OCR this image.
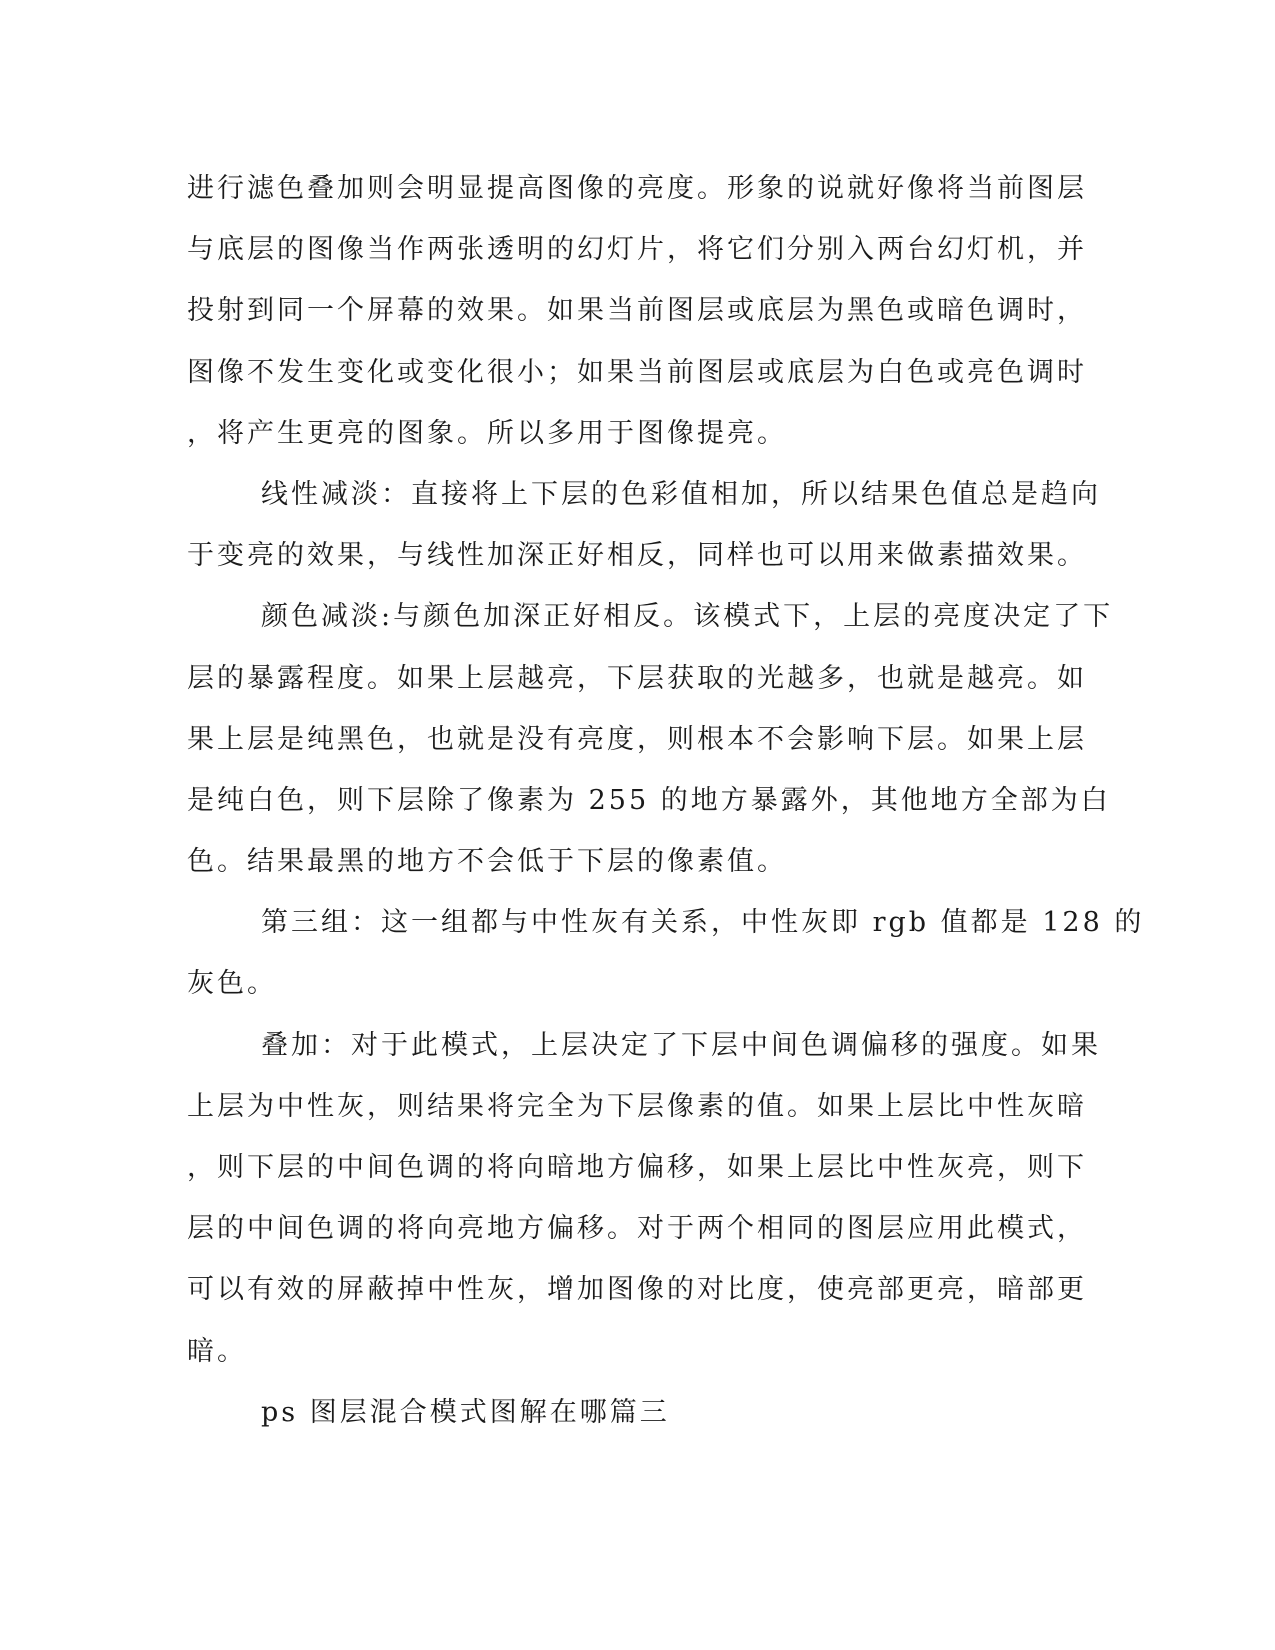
进行滤色叠加则会明显提高图像的亮度。形象的说就好像将当前图层
与底层的图像当作两张透明的幻灯片，将它们分别入两台幻灯机，并
投射到同一个屏幕的效果。如果当前图层或底层为黑色或暗色调时，
图像不发生变化或变化很小；如果当前图层或底层为白色或亮色调时
，将产生更亮的图象。所以多用于图像提亮。
线性减淡：直接将上下层的色彩值相加，所以结果色值总是趋向
于变亮的效果，与线性加深正好相反，同样也可以用来做素描效果。
颜色减淡:与颜色加深正好相反。该模式下，上层的亮度决定了下
层的暴露程度。如果上层越亮，下层获取的光越多，也就是越亮。如
果上层是纯黑色，也就是没有亮度，则根本不会影响下层。如果上层
是纯白色，则下层除了像素为 255 的地方暴露外，其他地方全部为白
色。结果最黑的地方不会低于下层的像素值。
第三组：这一组都与中性灰有关系，中性灰即 rgb 值都是 128 的
灰色。
叠加：对于此模式，上层决定了下层中间色调偏移的强度。如果
上层为中性灰，则结果将完全为下层像素的值。如果上层比中性灰暗
，则下层的中间色调的将向暗地方偏移，如果上层比中性灰亮，则下
层的中间色调的将向亮地方偏移。对于两个相同的图层应用此模式，
可以有效的屏蔽掉中性灰，增加图像的对比度，使亮部更亮，暗部更
暗。
ps 图层混合模式图解在哪篇三
